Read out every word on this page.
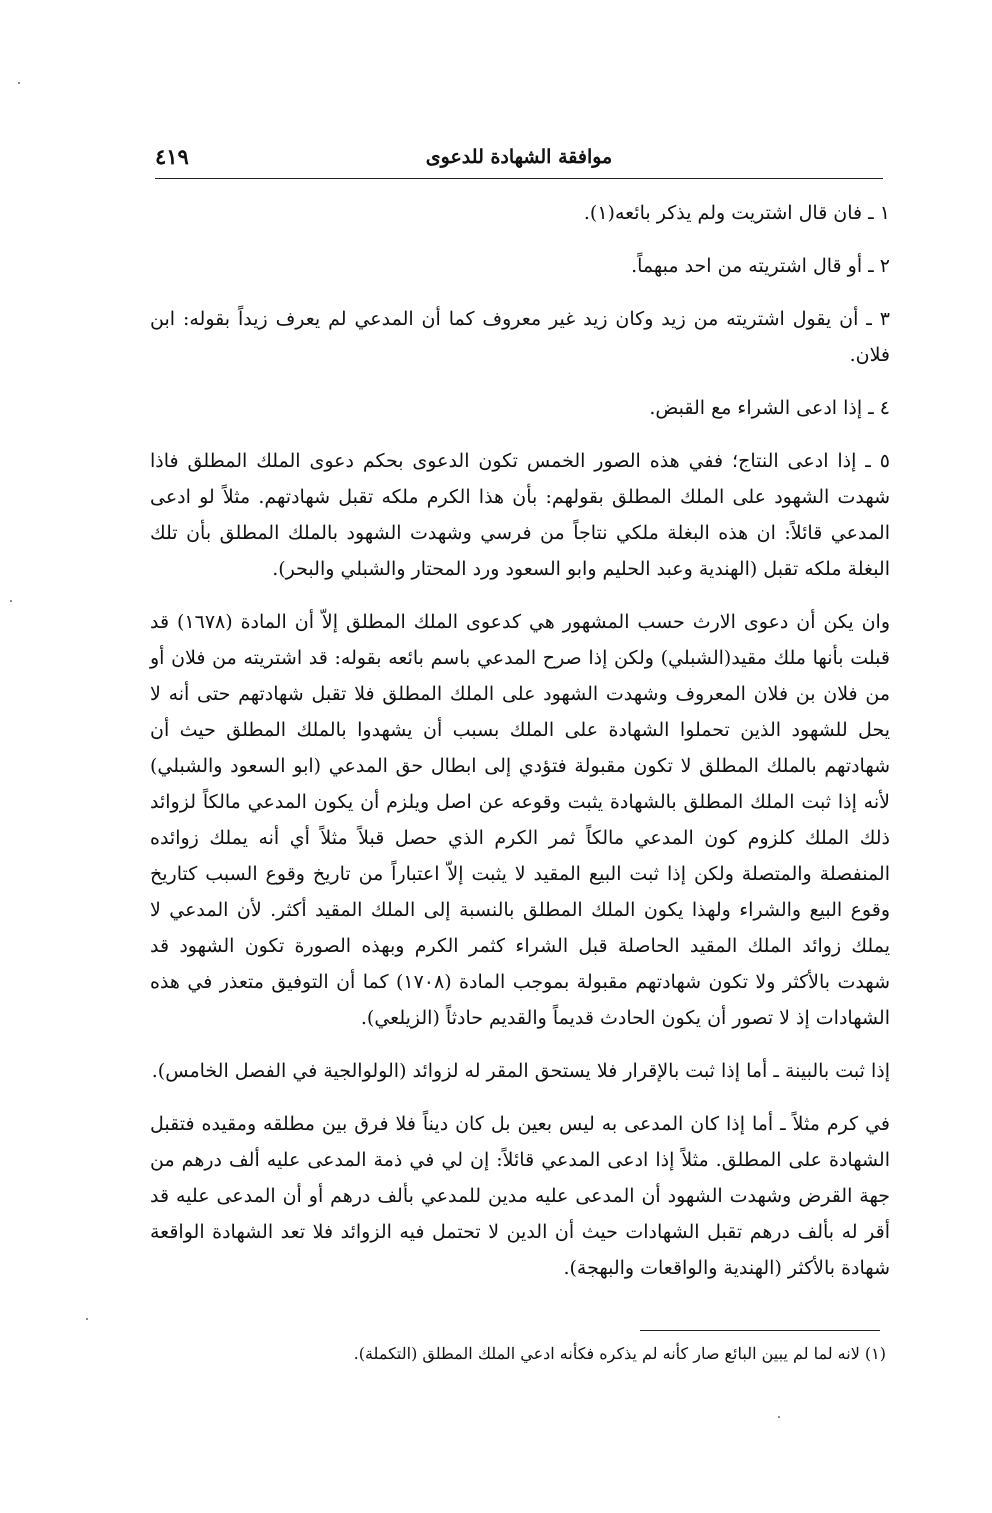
موافقة الشهادة للدعوى
٤١٩

١ ـ فان قال اشتريت ولم يذكر بائعه(١).

٢ ـ أو قال اشتريته من احد مبهماً.

٣ ـ أن يقول اشتريته من زيد وكان زيد غير معروف كما أن المدعي لم يعرف زيداً بقوله: ابن فلان.

٤ ـ إذا ادعى الشراء مع القبض.

٥ ـ إذا ادعى النتاج؛ ففي هذه الصور الخمس تكون الدعوى بحكم دعوى الملك المطلق فاذا شهدت الشهود على الملك المطلق بقولهم: بأن هذا الكرم ملكه تقبل شهادتهم. مثلاً لو ادعى المدعي قائلاً: ان هذه البغلة ملكي نتاجاً من فرسي وشهدت الشهود بالملك المطلق بأن تلك البغلة ملكه تقبل (الهندية وعبد الحليم وابو السعود ورد المحتار والشبلي والبحر).

وان يكن أن دعوى الارث حسب المشهور هي كدعوى الملك المطلق إلاّ أن المادة (١٦٧٨) قد قبلت بأنها ملك مقيد(الشبلي) ولكن إذا صرح المدعي باسم بائعه بقوله: قد اشتريته من فلان أو من فلان بن فلان المعروف وشهدت الشهود على الملك المطلق فلا تقبل شهادتهم حتى أنه لا يحل للشهود الذين تحملوا الشهادة على الملك بسبب أن يشهدوا بالملك المطلق حيث أن شهادتهم بالملك المطلق لا تكون مقبولة فتؤدي إلى ابطال حق المدعي (ابو السعود والشبلي) لأنه إذا ثبت الملك المطلق بالشهادة يثبت وقوعه عن اصل ويلزم أن يكون المدعي مالكاً لزوائد ذلك الملك كلزوم كون المدعي مالكاً ثمر الكرم الذي حصل قبلاً مثلاً أي أنه يملك زوائده المنفصلة والمتصلة ولكن إذا ثبت البيع المقيد لا يثبت إلاّ اعتباراً من تاريخ وقوع السبب كتاريخ وقوع البيع والشراء ولهذا يكون الملك المطلق بالنسبة إلى الملك المقيد أكثر. لأن المدعي لا يملك زوائد الملك المقيد الحاصلة قبل الشراء كثمر الكرم وبهذه الصورة تكون الشهود قد شهدت بالأكثر ولا تكون شهادتهم مقبولة بموجب المادة (١٧٠٨) كما أن التوفيق متعذر في هذه الشهادات إذ لا تصور أن يكون الحادث قديماً والقديم حادثاً (الزيلعي).

إذا ثبت بالبينة ـ أما إذا ثبت بالإقرار فلا يستحق المقر له لزوائد (الولوالجية في الفصل الخامس).

في كرم مثلاً ـ أما إذا كان المدعى به ليس بعين بل كان ديناً فلا فرق بين مطلقه ومقيده فتقبل الشهادة على المطلق. مثلاً إذا ادعى المدعي قائلاً: إن لي في ذمة المدعى عليه ألف درهم من جهة القرض وشهدت الشهود أن المدعى عليه مدين للمدعي بألف درهم أو أن المدعى عليه قد أقر له بألف درهم تقبل الشهادات حيث أن الدين لا تحتمل فيه الزوائد فلا تعد الشهادة الواقعة شهادة بالأكثر (الهندية والواقعات والبهجة).

(١) لانه لما لم يبين البائع صار كأنه لم يذكره فكأنه ادعي الملك المطلق (التكملة).
